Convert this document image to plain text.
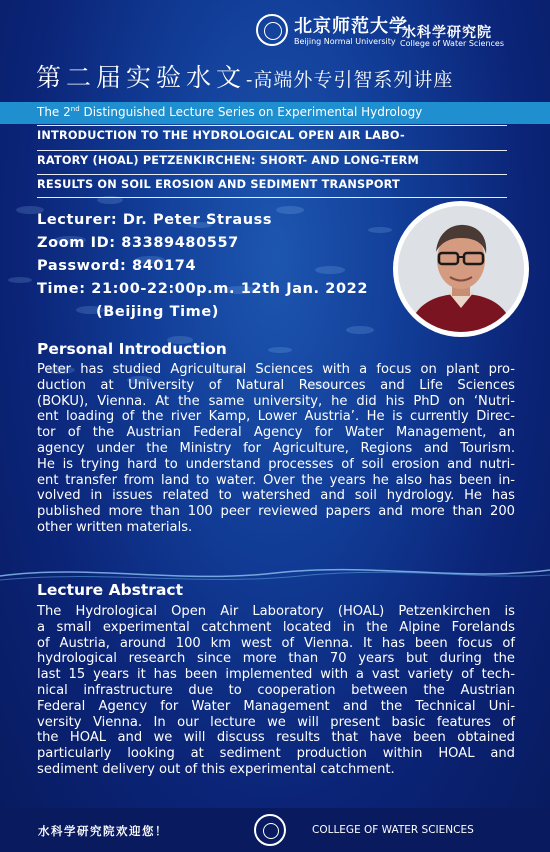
北京师范大学
Beijing Normal University
水科学研究院
College of Water Sciences
第二届实验水文-高端外专引智系列讲座
The 2nd Distinguished Lecture Series on Experimental Hydrology
INTRODUCTION TO THE HYDROLOGICAL OPEN AIR LABO-
RATORY (HOAL) PETZENKIRCHEN: SHORT- AND LONG-TERM
RESULTS ON SOIL EROSION AND SEDIMENT TRANSPORT
Lecturer: Dr. Peter Strauss
Zoom ID: 83389480557
Password: 840174
Time: 21:00-22:00p.m. 12th Jan. 2022
(Beijing Time)
Personal Introduction
Peter has studied Agricultural Sciences with a focus on plant pro-
duction at University of Natural Resources and Life Sciences
(BOKU), Vienna. At the same university, he did his PhD on ‘Nutri-
ent loading of the river Kamp, Lower Austria’. He is currently Direc-
tor of the Austrian Federal Agency for Water Management, an
agency under the Ministry for Agriculture, Regions and Tourism.
He is trying hard to understand processes of soil erosion and nutri-
ent transfer from land to water. Over the years he also has been in-
volved in issues related to watershed and soil hydrology. He has
published more than 100 peer reviewed papers and more than 200
other written materials.
Lecture Abstract
The Hydrological Open Air Laboratory (HOAL) Petzenkirchen is
a small experimental catchment located in the Alpine Forelands
of Austria, around 100 km west of Vienna. It has been focus of
hydrological research since more than 70 years but during the
last 15 years it has been implemented with a vast variety of tech-
nical infrastructure due to cooperation between the Austrian
Federal Agency for Water Management and the Technical Uni-
versity Vienna. In our lecture we will present basic features of
the HOAL and we will discuss results that have been obtained
particularly looking at sediment production within HOAL and
sediment delivery out of this experimental catchment.
水科学研究院欢迎您！	COLLEGE OF WATER SCIENCES
